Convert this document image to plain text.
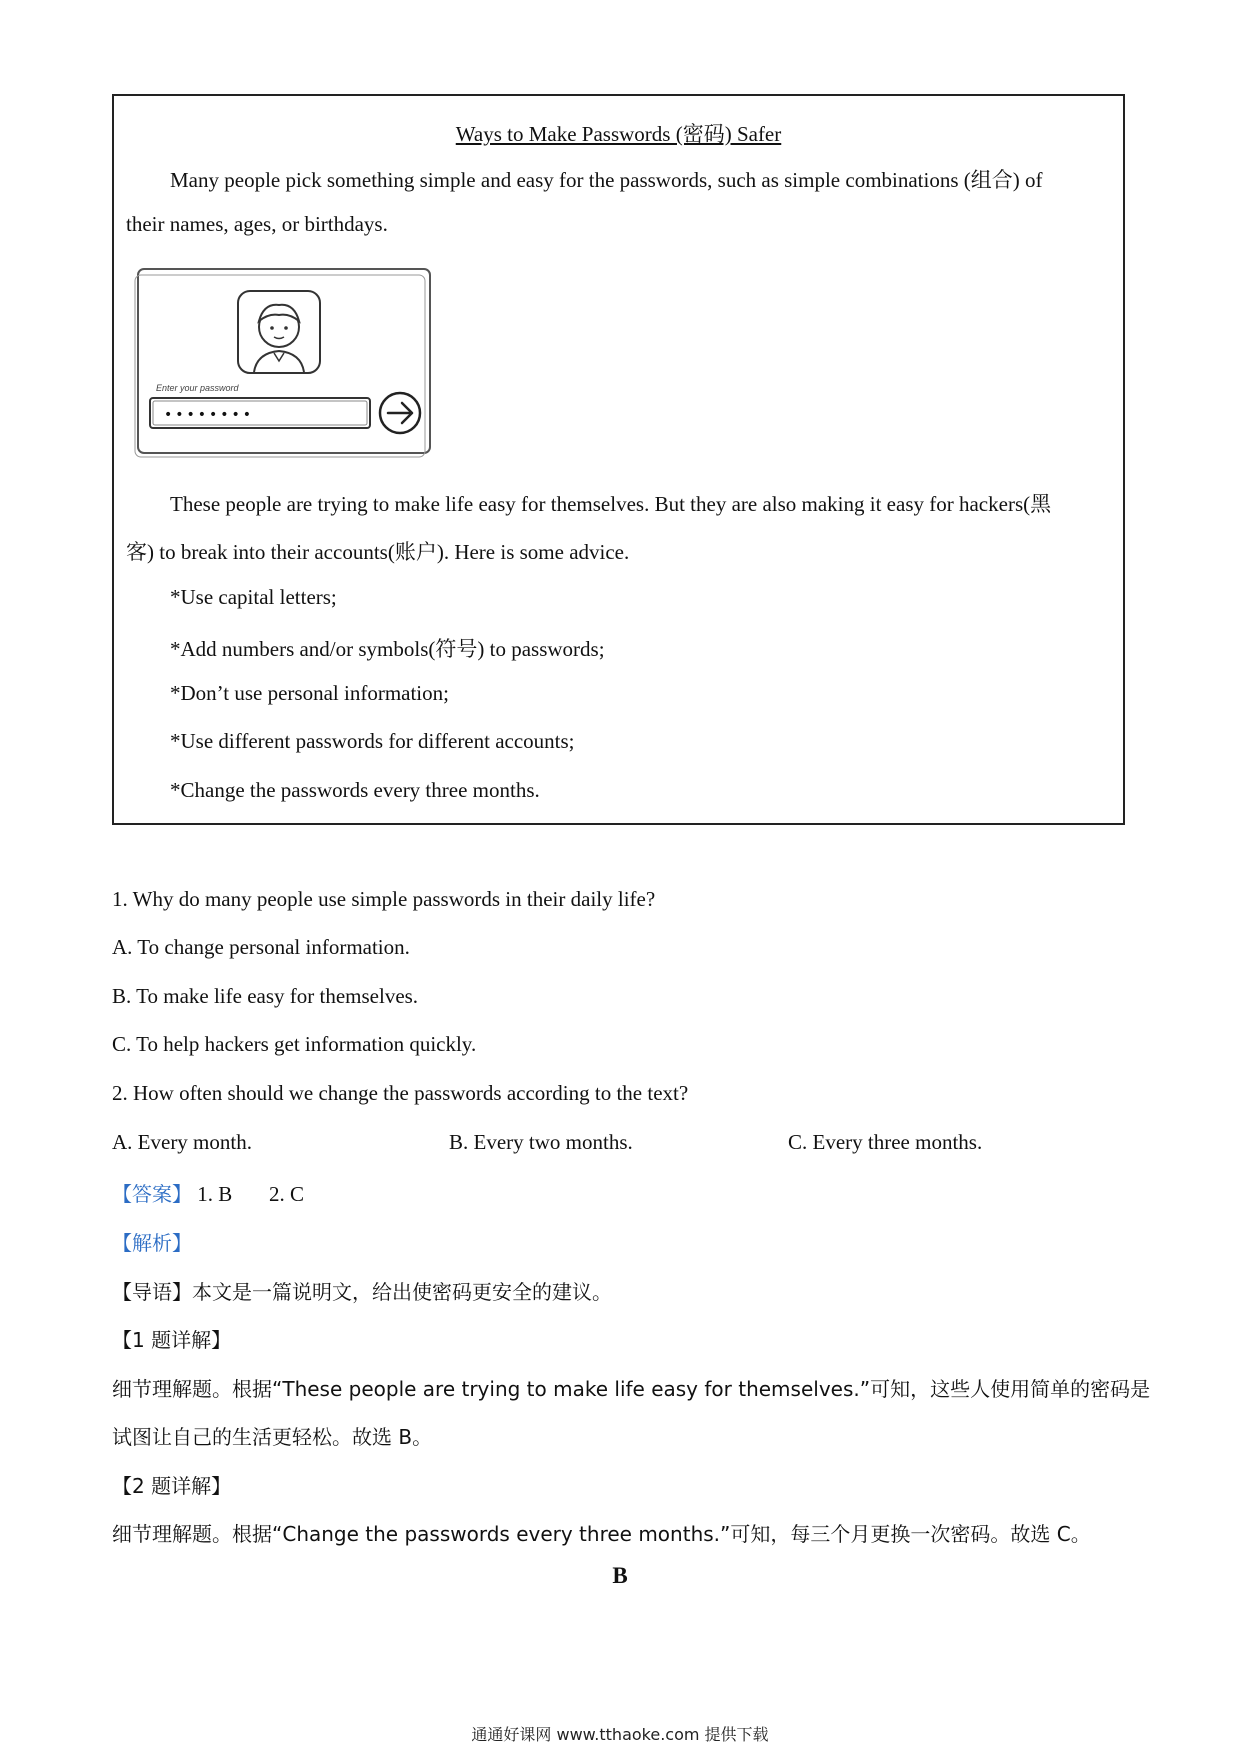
Ways to Make Passwords (密码) Safer
Many people pick something simple and easy for the passwords, such as simple combinations (组合) of
their names, ages, or birthdays.
These people are trying to make life easy for themselves. But they are also making it easy for hackers(黑
客) to break into their accounts(账户). Here is some advice.
*Use capital letters;
*Add numbers and/or symbols(符号) to passwords;
*Don’t use personal information;
*Use different passwords for different accounts;
*Change the passwords every three months.
Enter your password
••••••••
1. Why do many people use simple passwords in their daily life?
A. To change personal information.
B. To make life easy for themselves.
C. To help hackers get information quickly.
2. How often should we change the passwords according to the text?
A. Every month.	B. Every two months.	C. Every three months.
【答案】 1. B       2. C
【解析】
【导语】本文是一篇说明文，给出使密码更安全的建议。
【1 题详解】
细节理解题。根据“These people are trying to make life easy for themselves.”可知，这些人使用简单的密码是
试图让自己的生活更轻松。故选 B。
【2 题详解】
细节理解题。根据“Change the passwords every three months.”可知，每三个月更换一次密码。故选 C。
B
通通好课网 www.tthaoke.com 提供下载
